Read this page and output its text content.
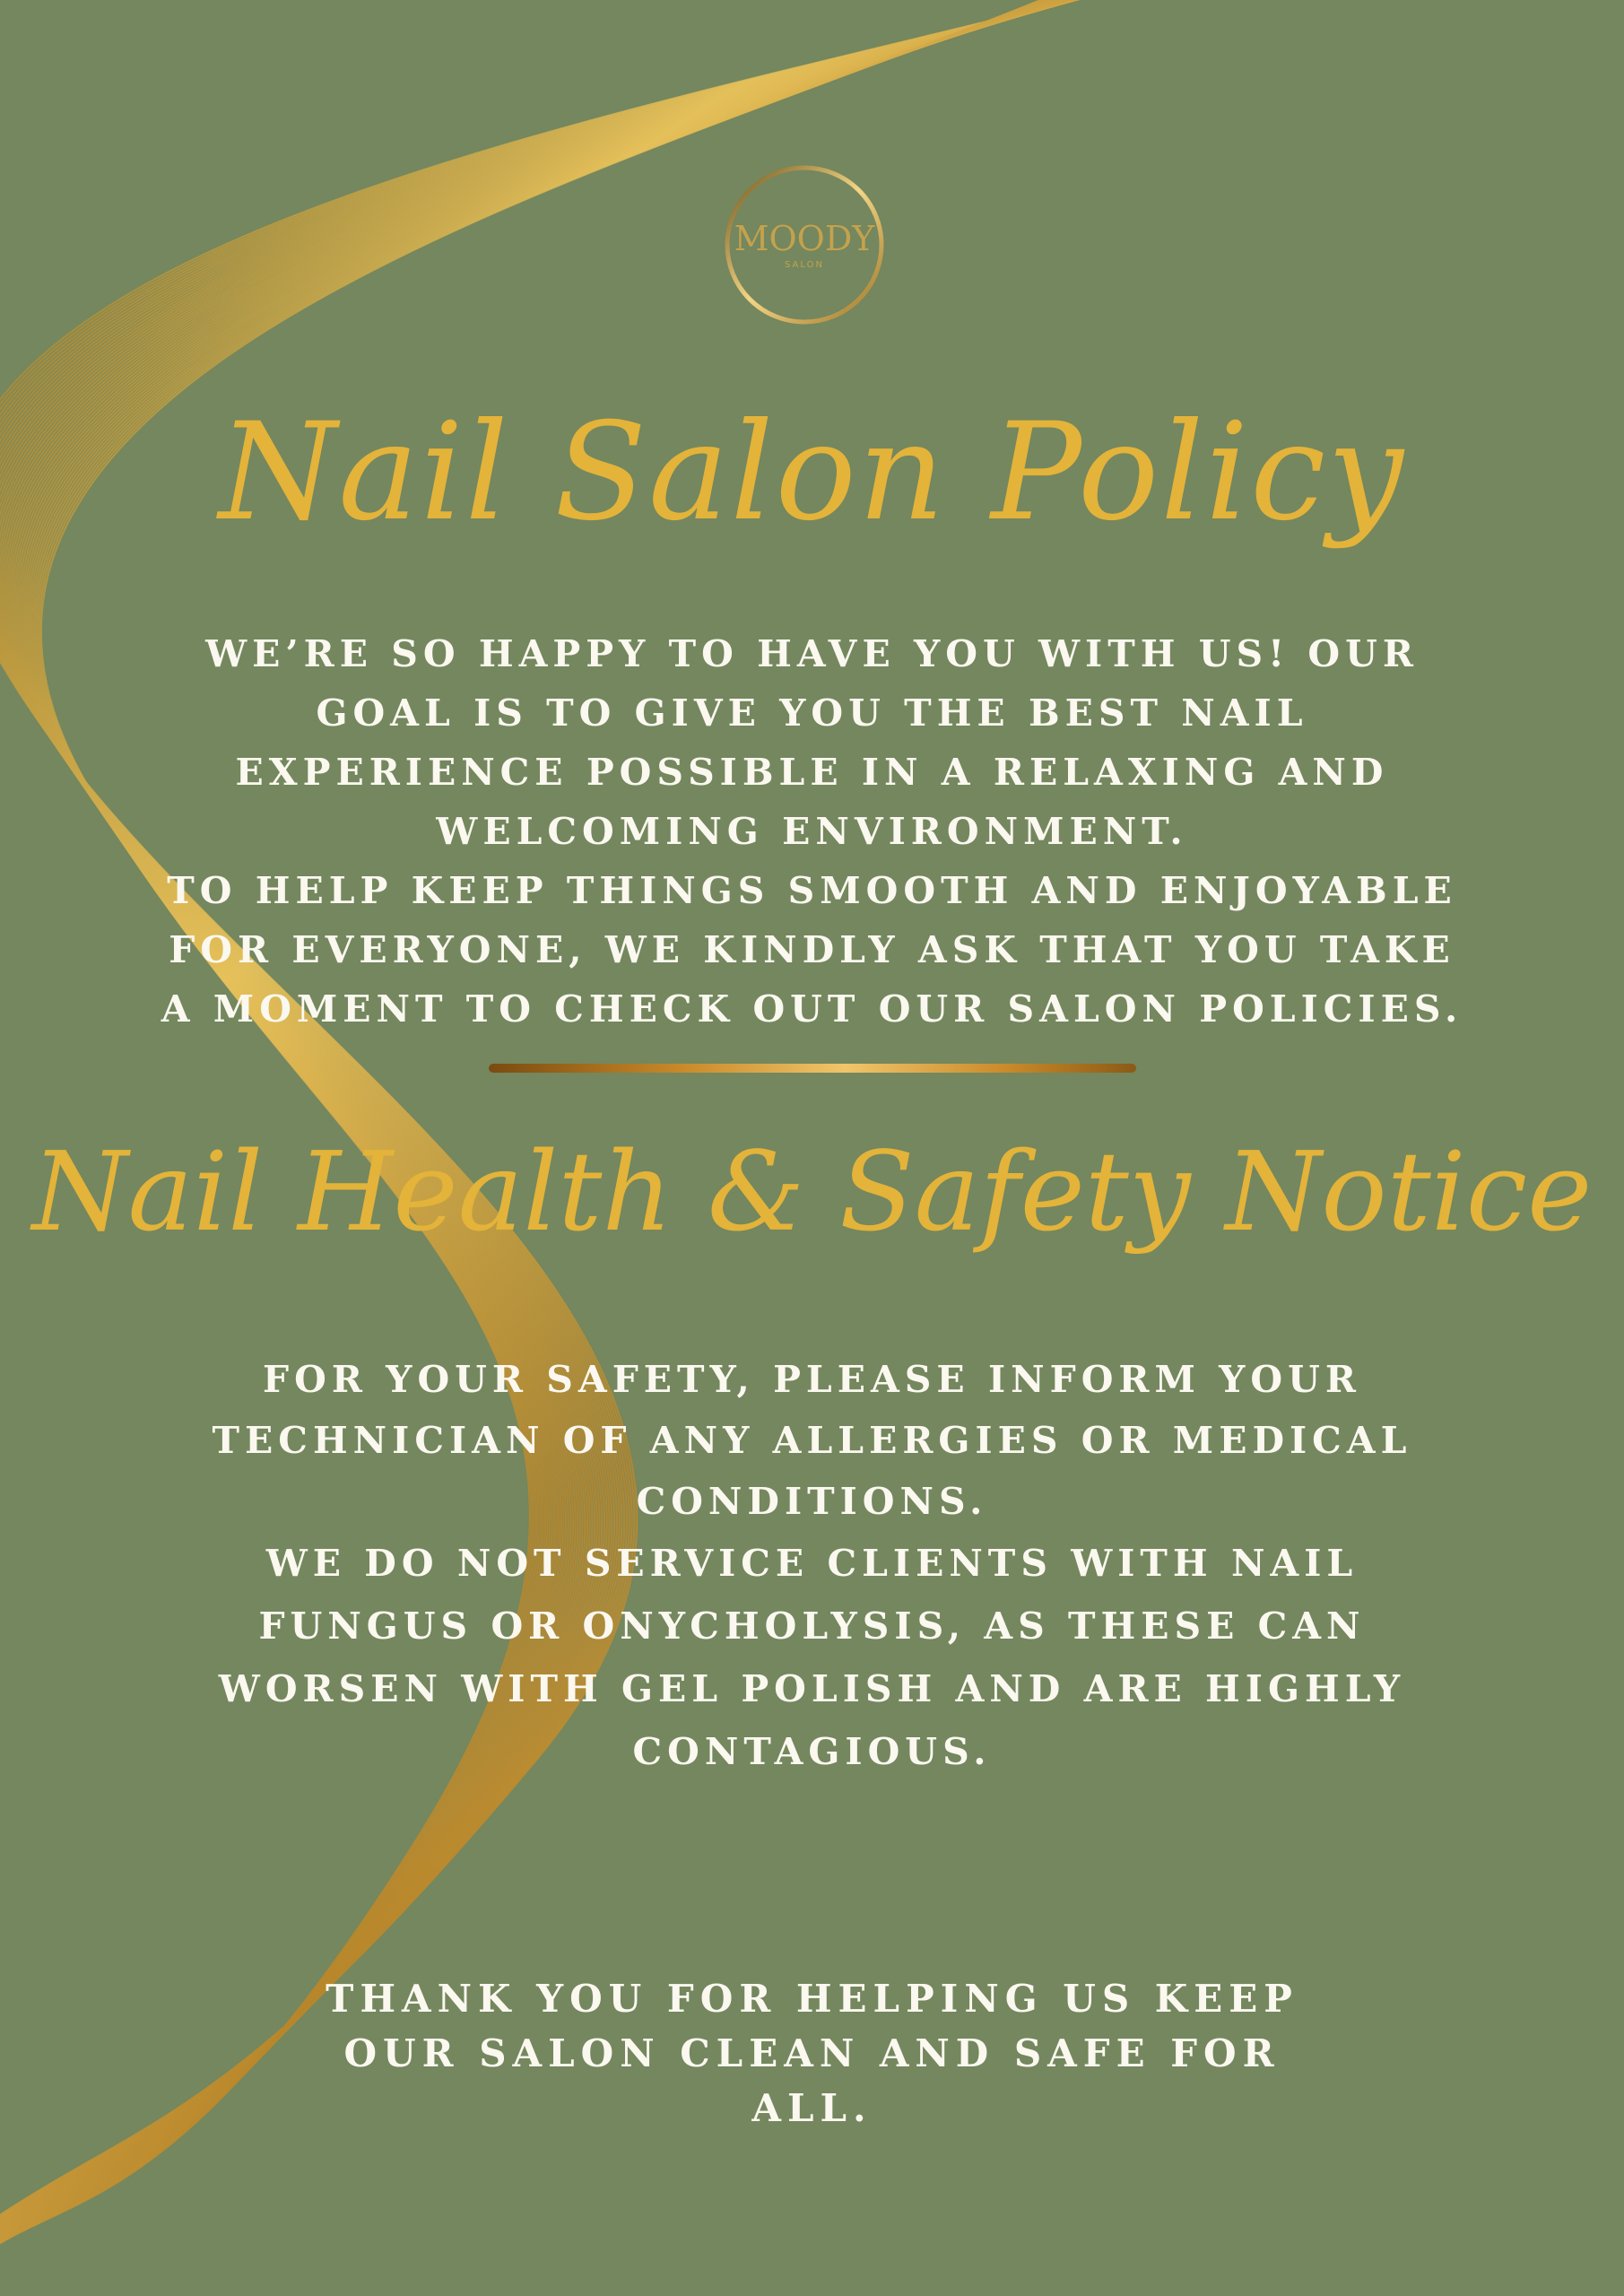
MOODY
SALON
Nail Salon Policy
WE’RE SO HAPPY TO HAVE YOU WITH US! OUR
GOAL IS TO GIVE YOU THE BEST NAIL
EXPERIENCE POSSIBLE IN A RELAXING AND
WELCOMING ENVIRONMENT.
TO HELP KEEP THINGS SMOOTH AND ENJOYABLE
FOR EVERYONE, WE KINDLY ASK THAT YOU TAKE
A MOMENT TO CHECK OUT OUR SALON POLICIES.
Nail Health & Safety Notice
FOR YOUR SAFETY, PLEASE INFORM YOUR
TECHNICIAN OF ANY ALLERGIES OR MEDICAL
CONDITIONS.
WE DO NOT SERVICE CLIENTS WITH NAIL
FUNGUS OR ONYCHOLYSIS, AS THESE CAN
WORSEN WITH GEL POLISH AND ARE HIGHLY
CONTAGIOUS.
THANK YOU FOR HELPING US KEEP
OUR SALON CLEAN AND SAFE FOR
ALL.
